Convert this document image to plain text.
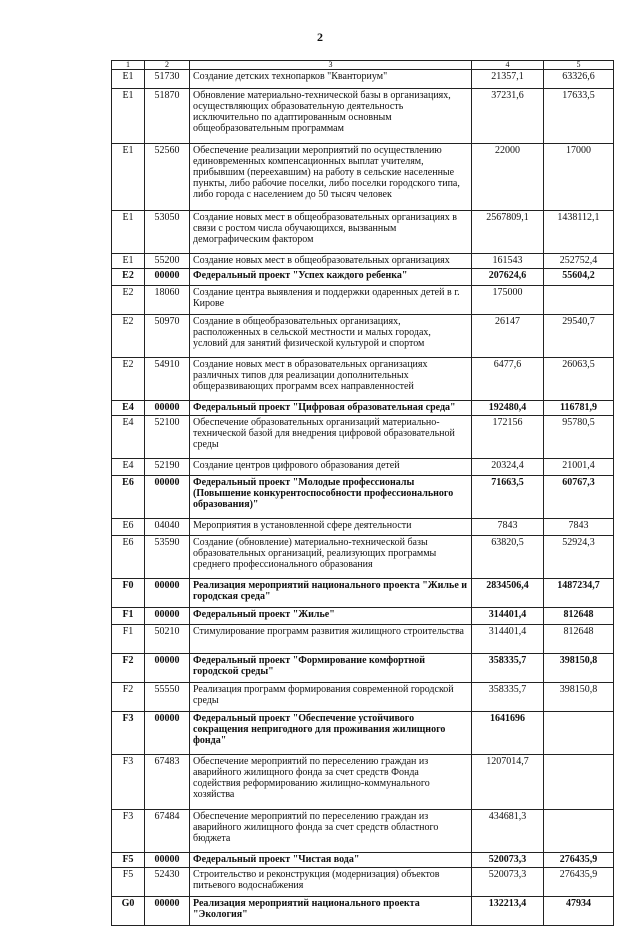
2
1	2	3	4	5
E1	51730	Создание детских технопарков "Кванториум"	21357,1	63326,6
E1	51870	Обновление материально-технической базы в организациях, осуществляющих образовательную деятельность исключительно по адаптированным основным общеобразовательным программам	37231,6	17633,5
E1	52560	Обеспечение реализации мероприятий по осуществлению единовременных компенсационных выплат учителям, прибывшим (переехавшим) на работу в сельские населенные пункты, либо рабочие поселки, либо поселки городского типа, либо города с населением до 50 тысяч человек	22000	17000
E1	53050	Создание новых мест в общеобразовательных организациях в связи с ростом числа обучающихся, вызванным демографическим фактором	2567809,1	1438112,1
E1	55200	Создание новых мест в общеобразовательных организациях	161543	252752,4
E2	00000	Федеральный проект "Успех каждого ребенка"	207624,6	55604,2
E2	18060	Создание центра выявления и поддержки одаренных детей в г. Кирове	175000	
E2	50970	Создание в общеобразовательных организациях, расположенных в сельской местности и малых городах, условий для занятий физической культурой и спортом	26147	29540,7
E2	54910	Создание новых мест в образовательных организациях различных типов для реализации дополнительных общеразвивающих программ всех направленностей	6477,6	26063,5
E4	00000	Федеральный проект "Цифровая образовательная среда"	192480,4	116781,9
E4	52100	Обеспечение образовательных организаций материально-технической базой для внедрения цифровой образовательной среды	172156	95780,5
E4	52190	Создание центров цифрового образования детей	20324,4	21001,4
E6	00000	Федеральный проект "Молодые профессионалы (Повышение конкурентоспособности профессионального образования)"	71663,5	60767,3
E6	04040	Мероприятия в установленной сфере деятельности	7843	7843
E6	53590	Создание (обновление) материально-технической базы образовательных организаций, реализующих программы среднего профессионального образования	63820,5	52924,3
F0	00000	Реализация мероприятий национального проекта "Жилье и городская среда"	2834506,4	1487234,7
F1	00000	Федеральный проект "Жилье"	314401,4	812648
F1	50210	Стимулирование программ развития жилищного строительства	314401,4	812648
F2	00000	Федеральный проект "Формирование комфортной городской среды"	358335,7	398150,8
F2	55550	Реализация программ формирования современной городской среды	358335,7	398150,8
F3	00000	Федеральный проект "Обеспечение устойчивого сокращения непригодного для проживания жилищного фонда"	1641696	
F3	67483	Обеспечение мероприятий по переселению граждан из аварийного жилищного фонда за счет средств Фонда содействия реформированию жилищно-коммунального хозяйства	1207014,7	
F3	67484	Обеспечение мероприятий по переселению граждан из аварийного жилищного фонда за счет средств областного бюджета	434681,3	
F5	00000	Федеральный проект "Чистая вода"	520073,3	276435,9
F5	52430	Строительство и реконструкция (модернизация) объектов питьевого водоснабжения	520073,3	276435,9
G0	00000	Реализация мероприятий национального проекта "Экология"	132213,4	47934
